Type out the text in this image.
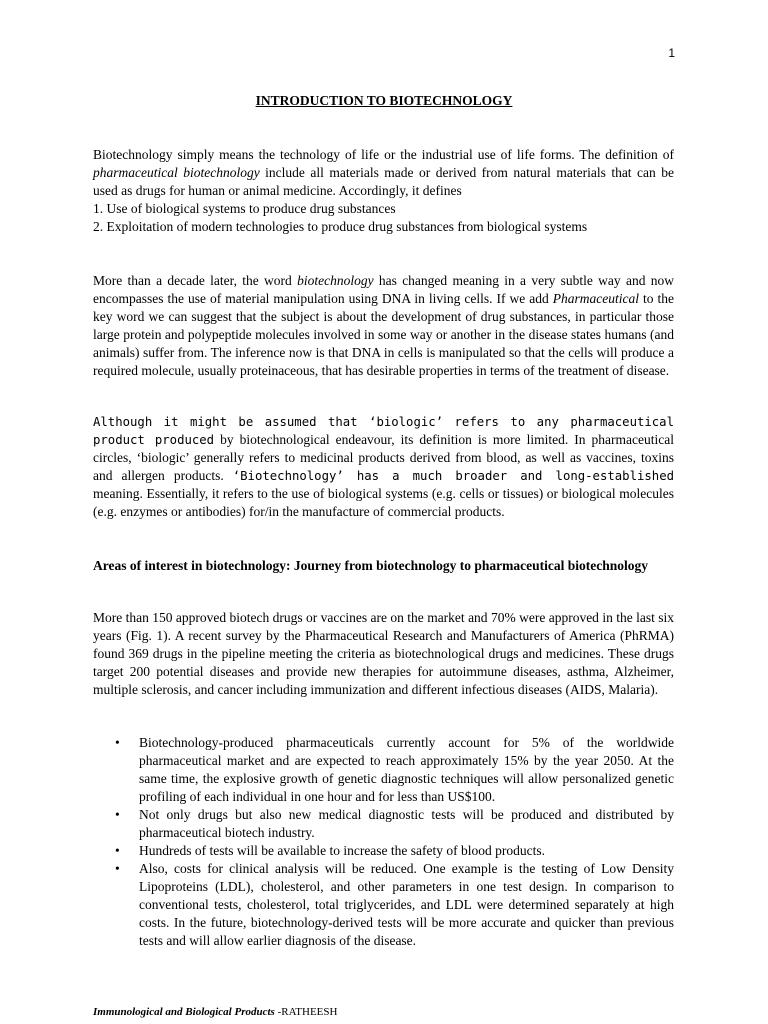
1
INTRODUCTION TO BIOTECHNOLOGY

Biotechnology simply means the technology of life or the industrial use of life forms. The definition of pharmaceutical biotechnology include all materials made or derived from natural materials that can be used as drugs for human or animal medicine. Accordingly, it defines

1. Use of biological systems to produce drug substances

2. Exploitation of modern technologies to produce drug substances from biological systems

More than a decade later, the word biotechnology has changed meaning in a very subtle way and now encompasses the use of material manipulation using DNA in living cells. If we add Pharmaceutical to the key word we can suggest that the subject is about the development of drug substances, in particular those large protein and polypeptide molecules involved in some way or another in the disease states humans (and animals) suffer from. The inference now is that DNA in cells is manipulated so that the cells will produce a required molecule, usually proteinaceous, that has desirable properties in terms of the treatment of disease.

Although it might be assumed that ‘biologic’ refers to any pharmaceutical product produced by biotechnological endeavour, its definition is more limited. In pharmaceutical circles, ‘biologic’ generally refers to medicinal products derived from blood, as well as vaccines, toxins and allergen products. ‘Biotechnology’ has a much broader and long-established meaning. Essentially, it refers to the use of biological systems (e.g. cells or tissues) or biological molecules (e.g. enzymes or antibodies) for/in the manufacture of commercial products.

Areas of interest in biotechnology: Journey from biotechnology to pharmaceutical biotechnology

More than 150 approved biotech drugs or vaccines are on the market and 70% were approved in the last six years (Fig. 1). A recent survey by the Pharmaceutical Research and Manufacturers of America (PhRMA) found 369 drugs in the pipeline meeting the criteria as biotechnological drugs and medicines. These drugs target 200 potential diseases and provide new therapies for autoimmune diseases, asthma, Alzheimer, multiple sclerosis, and cancer including immunization and different infectious diseases (AIDS, Malaria).

• Biotechnology-produced pharmaceuticals currently account for 5% of the worldwide pharmaceutical market and are expected to reach approximately 15% by the year 2050. At the same time, the explosive growth of genetic diagnostic techniques will allow personalized genetic profiling of each individual in one hour and for less than US$100.
• Not only drugs but also new medical diagnostic tests will be produced and distributed by pharmaceutical biotech industry.
• Hundreds of tests will be available to increase the safety of blood products.
• Also, costs for clinical analysis will be reduced. One example is the testing of Low Density Lipoproteins (LDL), cholesterol, and other parameters in one test design. In comparison to conventional tests, cholesterol, total triglycerides, and LDL were determined separately at high costs. In the future, biotechnology-derived tests will be more accurate and quicker than previous tests and will allow earlier diagnosis of the disease.
Immunological and Biological Products -RATHEESH
